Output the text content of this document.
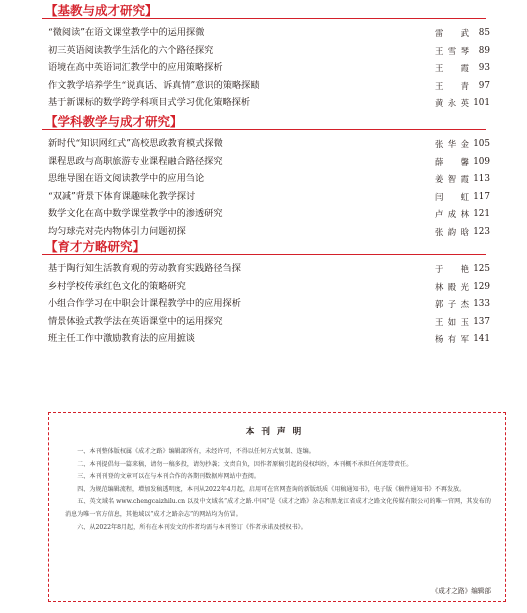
【基教与成才研究】
“微阅读”在语文课堂教学中的运用探微	雷 武	85
初三英语阅读教学生活化的六个路径探究	王雪琴	89
语境在高中英语词汇教学中的应用策略探析	王 霞	93
作文教学培养学生“说真话、诉真情”意识的策略探赜	王 青	97
基于新课标的数学跨学科项目式学习优化策略探析	黄永英 101
【学科教学与成才研究】
新时代“知识网红式”高校思政教育模式探微	张华金 105
课程思政与高职旅游专业课程融合路径探究	薛 馨 109
思维导图在语文阅读教学中的应用刍论	姜智霞 113
“双减”背景下体育课趣味化教学探讨	闫 虹 117
数学文化在高中数学课堂教学中的渗透研究	卢成林 121
均匀球壳对壳内物体引力问题初探	张韵晗 123
【育才方略研究】
基于陶行知生活教育观的劳动教育实践路径刍探	于 艳 125
乡村学校传承红色文化的策略研究	林殿光 129
小组合作学习在中职会计课程教学中的应用探析	郭子杰 133
情景体验式教学法在英语课堂中的运用探究	王如玉 137
班主任工作中激励教育法的应用摭谈	杨有军 141
本刊声明

一、本刊整体版权属《成才之路》编辑部所有，未经许可，不得以任何方式复制、连编。

二、本刊提倡每一篇来稿，请勿一稿多投，请勿抄袭；文责自负，因作者原稿引起的侵权纠纷，本刊概不承担任何连带责任。

三、本刊刊登的文章可以在与本刊合作的各期刊数据库网站中查阅。

四、为规范编辑流程，增加发稿透明度，本刊从2022年4月起，启用可在官网查询的新版纸质《用稿通知书》，电子版《稿件通知书》不再发放。

五、英文域名 www.chengcaizhilu.cn 以及中文域名“成才之路.中国”是《成才之路》杂志和黑龙江省成才之路文化传媒有限公司的唯一官网，其发布的消息为唯一官方信息，其他域以“成才之路杂志”的网站均为仿冒。

六、从2022年8月起，所有在本刊发文的作者均需与本刊签订《作者承诺及授权书》。

《成才之路》编辑部
